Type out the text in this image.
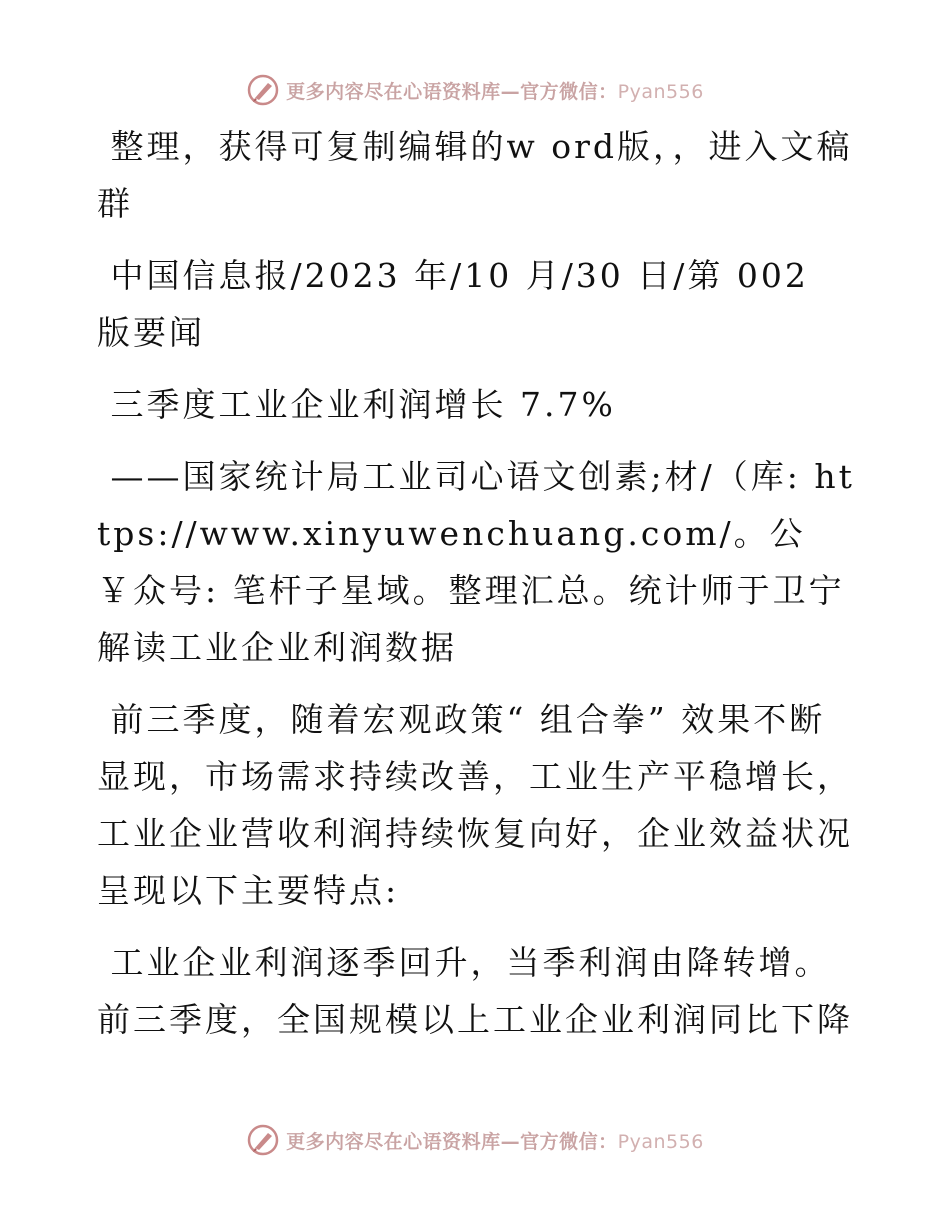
更多内容尽在心语资料库—官方微信：Pyan556

整理，获得可复制编辑的w ord版，，进入文稿群

中国信息报/2023 年/10 月/30 日/第 002 版要闻

三季度工业企业利润增长 7.7%

——国家统计局工业司心语文创素;材/（库: https://www.xinyuwenchuang.com/。公￥众号: 笔杆子星域。整理汇总。统计师于卫宁解读工业企业利润数据

前三季度，随着宏观政策“ 组合拳” 效果不断显现，市场需求持续改善，工业生产平稳增长，工业企业营收利润持续恢复向好，企业效益状况呈现以下主要特点:

工业企业利润逐季回升，当季利润由降转增。前三季度，全国规模以上工业企业利润同比下降

更多内容尽在心语资料库—官方微信：Pyan556
